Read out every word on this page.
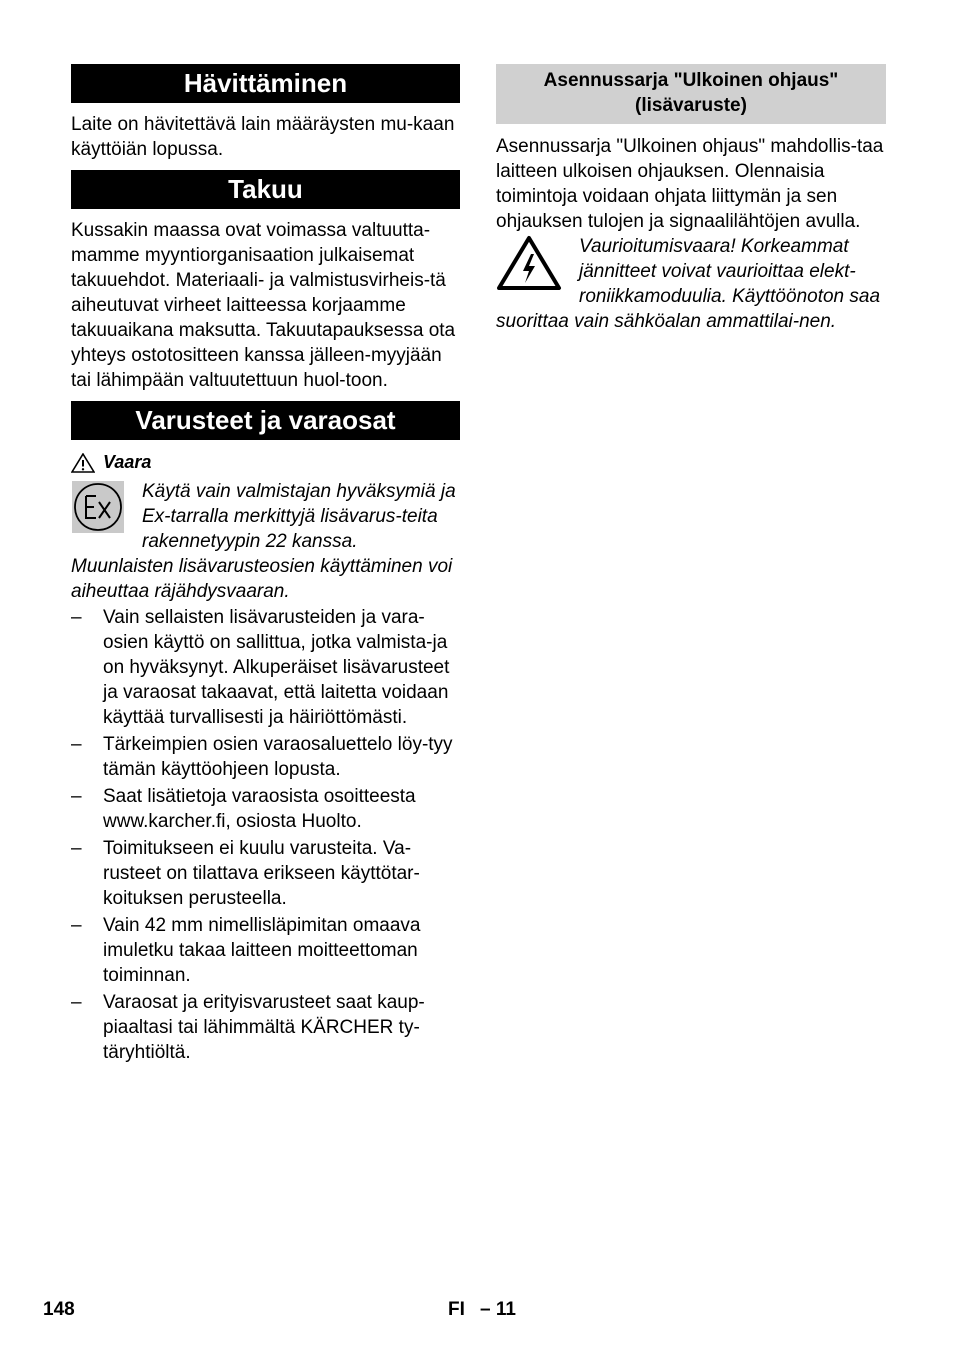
Hävittäminen

Laite on hävitettävä lain määräysten mu-kaan käyttöiän lopussa.

Takuu

Kussakin maassa ovat voimassa valtuutta-mamme myyntiorganisaation julkaisemat takuuehdot. Materiaali- ja valmistusvirheis-tä aiheutuvat virheet laitteessa korjaamme takuuaikana maksutta. Takuutapauksessa ota yhteys ostotositteen kanssa jälleen-myyjään tai lähimpään valtuutettuun huol-toon.

Varusteet ja varaosat
Vaara

Käytä vain valmistajan hyväksymiä ja Ex-tarralla merkittyjä lisävarus-teita rakennetyypin 22 kanssa. Muunlaisten lisävarusteosien käyttäminen voi aiheuttaa räjähdysvaaran.

– Vain sellaisten lisävarusteiden ja vara-osien käyttö on sallittua, jotka valmista-ja on hyväksynyt. Alkuperäiset lisävarusteet ja varaosat takaavat, että laitetta voidaan käyttää turvallisesti ja häiriöttömästi.
– Tärkeimpien osien varaosaluettelo löy-tyy tämän käyttöohjeen lopusta.
– Saat lisätietoja varaosista osoitteesta www.karcher.fi, osiosta Huolto.
– Toimitukseen ei kuulu varusteita. Va-rusteet on tilattava erikseen käyttötar-koituksen perusteella.
– Vain 42 mm nimellisläpimitan omaava imuletku takaa laitteen moitteettoman toiminnan.
– Varaosat ja erityisvarusteet saat kaup-piaaltasi tai lähimmältä KÄRCHER ty-täryhtiöltä.
Asennussarja "Ulkoinen ohjaus" (lisävaruste)

Asennussarja "Ulkoinen ohjaus" mahdollis-taa laitteen ulkoisen ohjauksen. Olennaisia toimintoja voidaan ohjata liittymän ja sen ohjauksen tulojen ja signaalilähtöjen avulla.

Vaurioitumisvaara! Korkeammat jännitteet voivat vaurioittaa elekt-roniikkamoduulia. Käyttöönoton saa suorittaa vain sähköalan ammattilai-nen.

148	FI – 11
